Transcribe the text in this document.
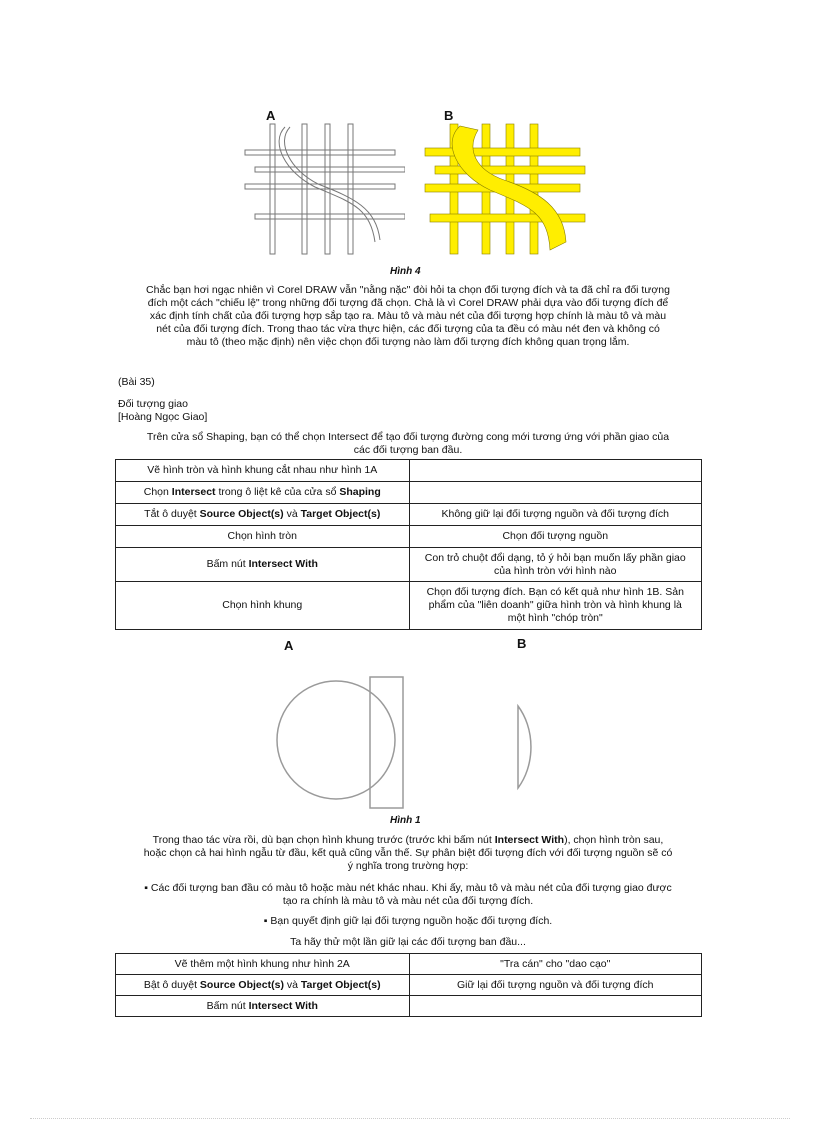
A	B
Hình 4
Chắc bạn hơi ngạc nhiên vì Corel DRAW vẫn "nằng nặc" đòi hỏi ta chọn đối tượng đích và ta đã chỉ ra đối tượng
đích một cách "chiếu lệ" trong những đối tượng đã chọn. Chả là vì Corel DRAW phải dựa vào đối tượng đích để
xác định tính chất của đối tượng hợp sắp tạo ra. Màu tô và màu nét của đối tượng hợp chính là màu tô và màu
nét của đối tượng đích. Trong thao tác vừa thực hiện, các đối tượng của ta đều có màu nét đen và không có
màu tô (theo mặc định) nên việc chọn đối tượng nào làm đối tượng đích không quan trọng lắm.
(Bài 35)
Đối tượng giao
[Hoàng Ngọc Giao]
Trên cửa sổ Shaping, bạn có thể chọn Intersect để tạo đối tượng đường cong mới tương ứng với phần giao của
các đối tượng ban đầu.
Vẽ hình tròn và hình khung cắt nhau như hình 1A	
Chọn Intersect trong ô liệt kê của cửa sổ Shaping	
Tắt ô duyệt Source Object(s) và Target Object(s)	Không giữ lại đối tượng nguồn và đối tượng đích
Chọn hình tròn	Chọn đối tượng nguồn
Bấm nút Intersect With	Con trỏ chuột đổi dạng, tỏ ý hỏi bạn muốn lấy phần giao
của hình tròn với hình nào

Chọn hình khung	Chọn đối tượng đích. Bạn có kết quả như hình 1B. Sản
phẩm của "liên doanh" giữa hình tròn và hình khung là
một hình "chóp tròn"
A	B
Hình 1
Trong thao tác vừa rồi, dù bạn chọn hình khung trước (trước khi bấm nút Intersect With), chọn hình tròn sau,
hoặc chọn cả hai hình ngẫu từ đầu, kết quả cũng vẫn thế. Sự phân biệt đối tượng đích với đối tượng nguồn sẽ có
ý nghĩa trong trường hợp:
▪ Các đối tượng ban đầu có màu tô hoặc màu nét khác nhau. Khi ấy, màu tô và màu nét của đối tượng giao được
tạo ra chính là màu tô và màu nét của đối tượng đích.
▪ Bạn quyết định giữ lại đối tượng nguồn hoặc đối tượng đích.
Ta hãy thử một lần giữ lại các đối tượng ban đầu...
Vẽ thêm một hình khung như hình 2A	"Tra cán" cho "dao cạo"
Bật ô duyệt Source Object(s) và Target Object(s)	Giữ lại đối tượng nguồn và đối tượng đích
Bấm nút Intersect With	
